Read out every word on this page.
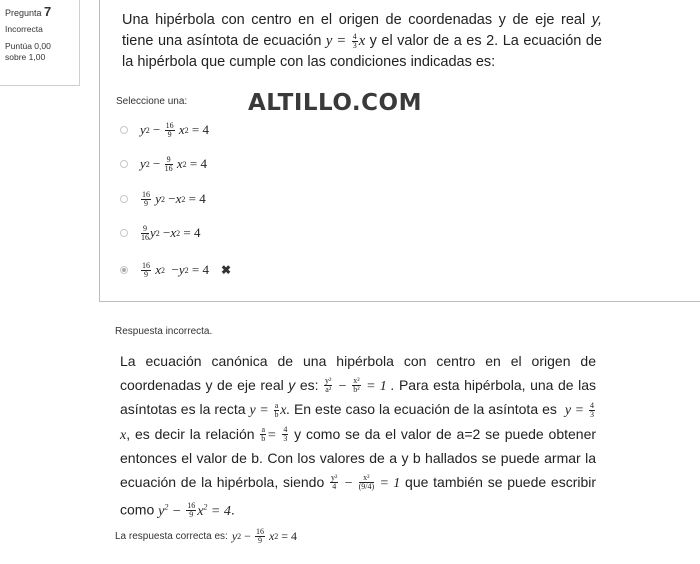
Pregunta 7
Incorrecta
Puntúa 0,00
sobre 1,00
Una hipérbola con centro en el origen de coordenadas y de eje real y, tiene una asíntota de ecuación $y = \frac{4}{3}$ x y el valor de a es 2. La ecuación de la hipérbola que cumple con las condiciones indicadas es:
Seleccione una:	ALTILLO.COM
y 2
−
$\frac{16}{9}$
x 2
= 4
y 2
−
$\frac{9}{16}$
x 2
= 4
$\frac{16}{9}$
y 2
− x 2
= 4
$\frac{9}{16}$ y 2
− x 2
= 4
$\frac{16}{9}$
x 2
− y 2
= 4 ✖
Respuesta incorrecta.
La ecuación canónica de una hipérbola con centro en el origen de coordenadas y de eje real y es: $\frac{\text{y²}}{\text{a²}} - \frac{\text{x²}}{\text{b²}} = 1$ . Para esta hipérbola, una de las asíntotas es la recta $y = \frac{a}{b} x$. En este caso la ecuación de la asíntota es $y = \frac{4}{3}$
x, es decir la relación $\frac{a}{b} = \frac{4}{3}$ y como se da el valor de a=2 se puede obtener entonces el valor de b. Con los valores de a y b hallados se puede armar la ecuación de la hipérbola, siendo $\frac{\text{y²}}{4} - \frac{\text{x²}}{(9/4)} = 1$ que también se puede escribir como $y^2 - \frac{16}{9} x^2 = 4$.
La respuesta correcta es: y $2 - \frac{16}{9}$
x 2 = 4
